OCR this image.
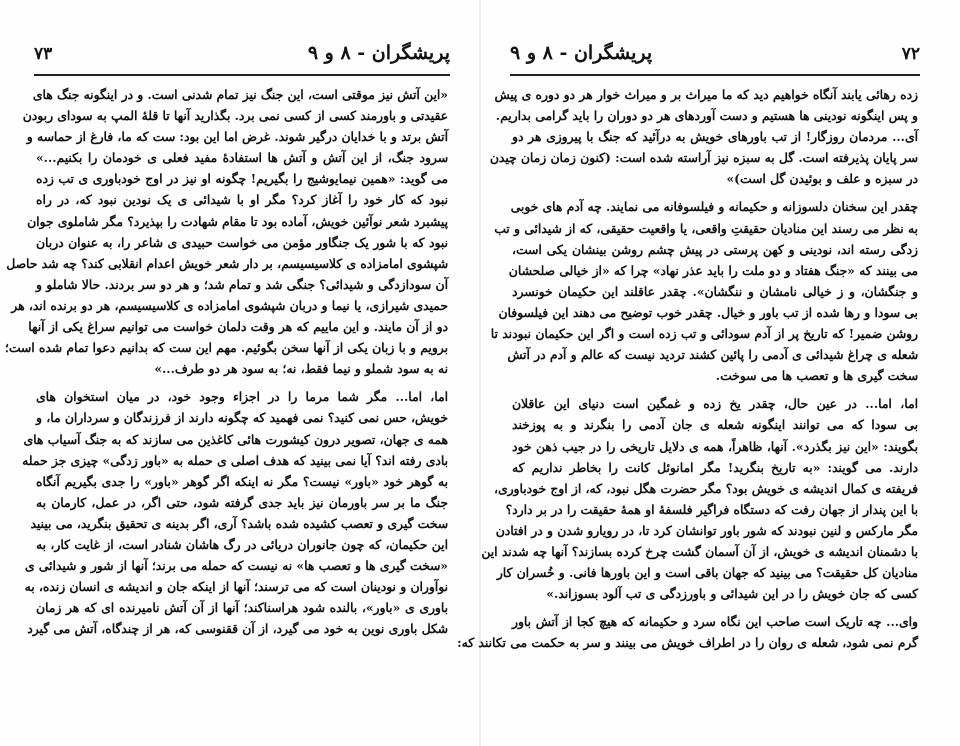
۷۳	پریشگران - ۸ و ۹
«این آتش نیز موقتی است، این جنگ نیز تمام شدنی است. و در اینگونه جنگ های
عقیدتی و باورمند کسی از کسی نمی برد. بگذارید آنها تا قلهٔ المپ به سودای ربودن
آتش برتد و با خدایان درگیر شوند. غرض اما این بود: ست که ما، فارغ از حماسه و
سرود جنگ، از این آتش و آتش ها استفادهٔ مفید فعلی ی خودمان را بکنیم...»
می گوید: «همین نیمایوشیج را بگیریم! چگونه او نیز در اوج خودباوری ی تب زده
نبود که کار خود را آغاز کرد؟ مگر او با شیدائی ی یک نودین نبود که، در راه
پیشبرد شعر نوآئین خویش، آماده بود تا مقام شهادت را بپذیرد؟ مگر شاملوی جوان
نبود که با شور یک جنگاور مؤمن می خواست حبیدی ی شاعر را، به عنوان دربان
شپشوی امامزاده ی کلاسیسیسم، بر دار شعر خویش اعدام انقلابی کند؟ چه شد حاصل
آن سودازدگی و شیدائی؟ جنگی شد و تمام شد؛ و هر دو سر بردند. حالا شاملو و
حمیدی شیرازی، یا نیما و دربان شپشوی امامزاده ی کلاسیسیسم، هر دو برنده اند، هر
دو از آن مایند. و این ماییم که هر وقت دلمان خواست می توانیم سراغ یکی از آنها
برویم و با زبان یکی از آنها سخن بگوئیم. مهم این ست که بدانیم دعوا تمام شده است؛
نه به سود شملو و نیما فقط، نه؛ به سود هر دو طرف...»
اما، اما... مگر شما مرما را در اجزاء وجود خود، در میان استخوان های
خویش، حس نمی کنید؟ نمی فهمید که چگونه دارند از فرزندگان و سرداران ما، و
همه ی جهان، تصویر درون کیشورت هائی کاغذین می سازند که به جنگ آسیاب های
بادی رفته اند؟ آیا نمی بینید که هدف اصلی ی حمله به «باور زدگی» چیزی جز حمله
به گوهر خود «باور» نیست؟ مگر نه اینکه اگر گوهر «باور» را جدی بگیریم آنگاه
جنگ ما بر سر باورمان نیز باید جدی گرفته شود، حتی اگر، در عمل، کارمان به
سخت گیری و تعصب کشیده شده باشد؟ آری، اگر بدینه ی تحقیق بنگرید، می بینید
این حکیمان، که چون جانوران دریائی در رگ هاشان شنادر است، از غایت کار، به
«سخت گیری ها و تعصب ها» نه نیست که حمله می برند؛ آنها از شور و شیدائی ی
نوآوران و نودینان است که می ترسند؛ آنها از اینکه جان و اندیشه ی انسان زنده، به
باوری ی «باور»، بالنده شود هراسناکند؛ آنها از آن آتش نامیرنده ای که هر زمان
شکل باوری نوین به خود می گیرد، از آن ققنوسی که، هر از چندگاه، آتش می گیرد
۷۲
پریشگران - ۸ و ۹
زده رهائی یابند آنگاه خواهیم دید که ما میراث بر و میراث خوار هر دو دوره ی پیش
و پس اینگونه نودینی ها هستیم و دست آوردهای هر دو دوران را باید گرامی بداریم.
آی... مردمان روزگار! از تب باورهای خویش به درآئید که جنگ با پیروزی هر دو
سر پایان پذیرفته است. گل به سبزه نیز آراسته شده است: (کنون زمان زمان چیدن
در سبزه و علف و بوئیدن گل است)»
چقدر این سخنان دلسوزانه و حکیمانه و فیلسوفانه می نمایند. چه آدم های خوبی
به نظر می رسند این منادیان حقیقتِ واقعی، یا واقعیت حقیقی، که از شیدائی و تب
زدگی رسته اند، نودینی و کهن پرستی در پیش چشم روشن بینشان یکی است،
می بینند که «جنگ هفتاد و دو ملت را باید عذر نهاد» چرا که «از خیالی صلحشان
و جنگشان، و ز خیالی نامشان و ننگشان». چقدر عاقلند این حکیمان خونسرد
بی سودا و رها شده از تب باور و خیال. چقدر خوب توضیح می دهند این فیلسوفان
روشن ضمیر! که تاریخ پر از آدم سودائی و تب زده است و اگر این حکیمان نبودند تا
شعله ی چراغ شیدائی ی آدمی را پائین کشند تردید نیست که عالم و آدم در آتش
سخت گیری ها و تعصب ها می سوخت.
اما، اما... در عین حال، چقدر یخ زده و غمگین است دنیای این عاقلان
بی سودا که می توانند اینگونه شعله ی جان آدمی را بنگرند و به پوزخند
بگویند: «این نیز بگذرد». آنها، ظاهراً، همه ی دلایل تاریخی را در جیب ذهن خود
دارند. می گویند: «به تاریخ بنگرید! مگر امانوئل کانت را بخاطر نداریم که
فریفته ی کمال اندیشه ی خویش بود؟ مگر حضرت هگل نبود، که، از اوج خودباوری،
با این پندار از جهان رفت که دستگاه فراگیر فلسفهٔ او همهٔ حقیقت را در بر دارد؟
مگر مارکس و لنین نبودند که شور باور توانشان کرد تا، در رویارو شدن و در افتادن
با دشمنان اندیشه ی خویش، از آن آسمان گشت چرخ کرده بسازند؟ آنها چه شدند این
منادیان کل حقیقت؟ می بینید که جهان باقی است و این باورها فانی. و خُسران کار
کسی که جان خویش را در این شیدائی و باورزدگی ی تب آلود بسوزاند.»
وای... چه تاریک است صاحب این نگاه سرد و حکیمانه که هیچ کجا از آتش باور
گرم نمی شود، شعله ی روان را در اطراف خویش می بینند و سر به حکمت می تکانند که:
